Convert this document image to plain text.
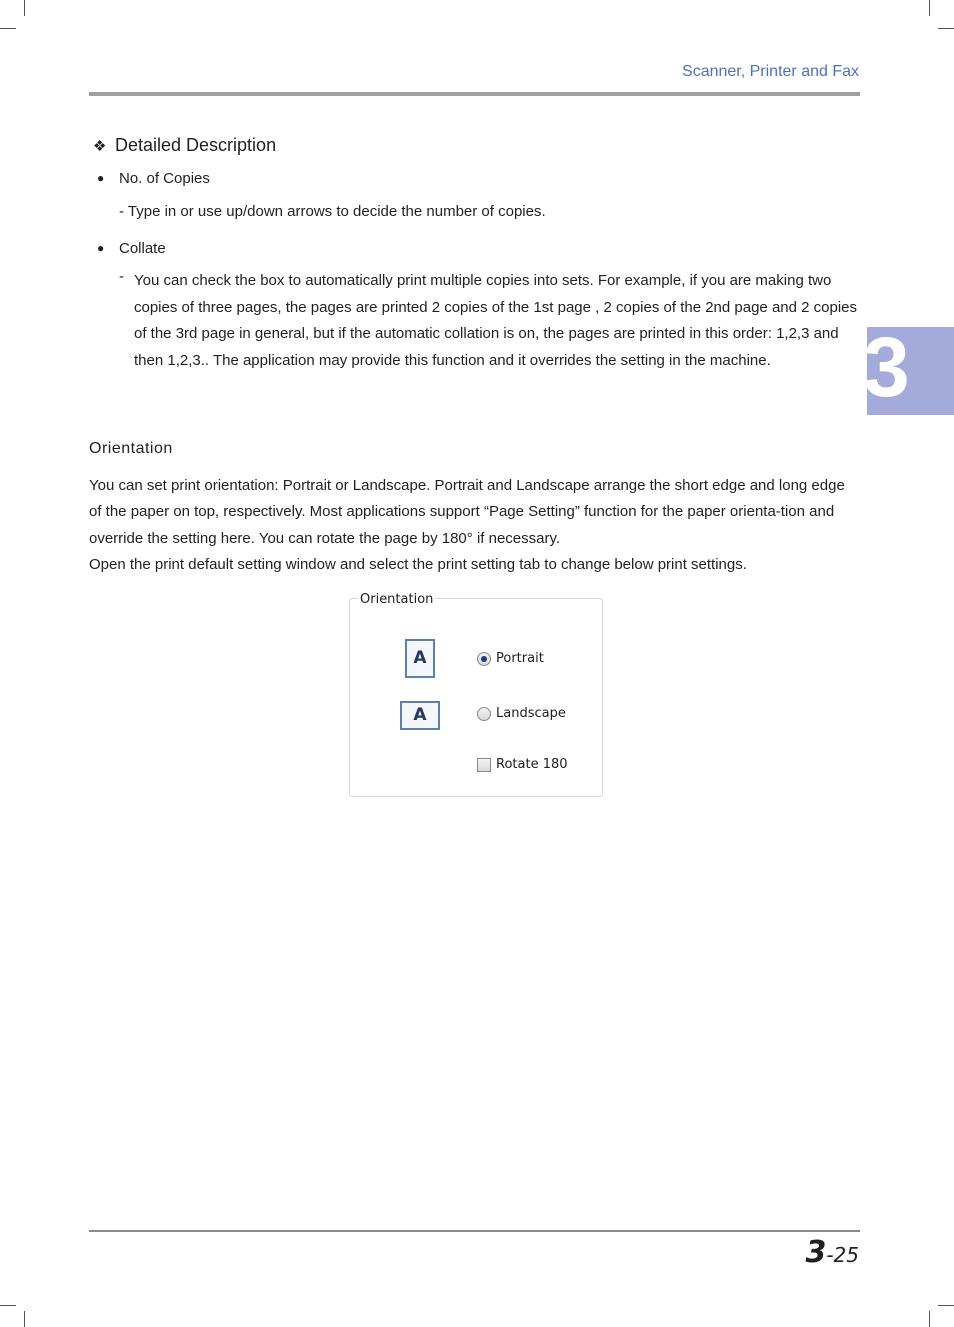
Scanner, Printer and Fax
❖ Detailed Description
● No. of Copies
- Type in or use up/down arrows to decide the number of copies.
● Collate
- You can check the box to automatically print multiple copies into sets. For example, if you are making two copies of three pages, the pages are printed 2 copies of the 1st page , 2 copies of the 2nd page and 2 copies of the 3rd page in general, but if the automatic collation is on, the pages are printed in this order: 1,2,3 and then 1,2,3.. The application may provide this function and it overrides the setting in the machine.	3
Orientation

You can set print orientation: Portrait or Landscape. Portrait and Landscape arrange the short edge and long edge of the paper on top, respectively. Most applications support “Page Setting” function for the paper orienta-tion and override the setting here. You can rotate the page by 180° if necessary.

Open the print default setting window and select the print setting tab to change below print settings.

Orientation
A	Portrait
A	Landscape
Rotate 180
3-25
